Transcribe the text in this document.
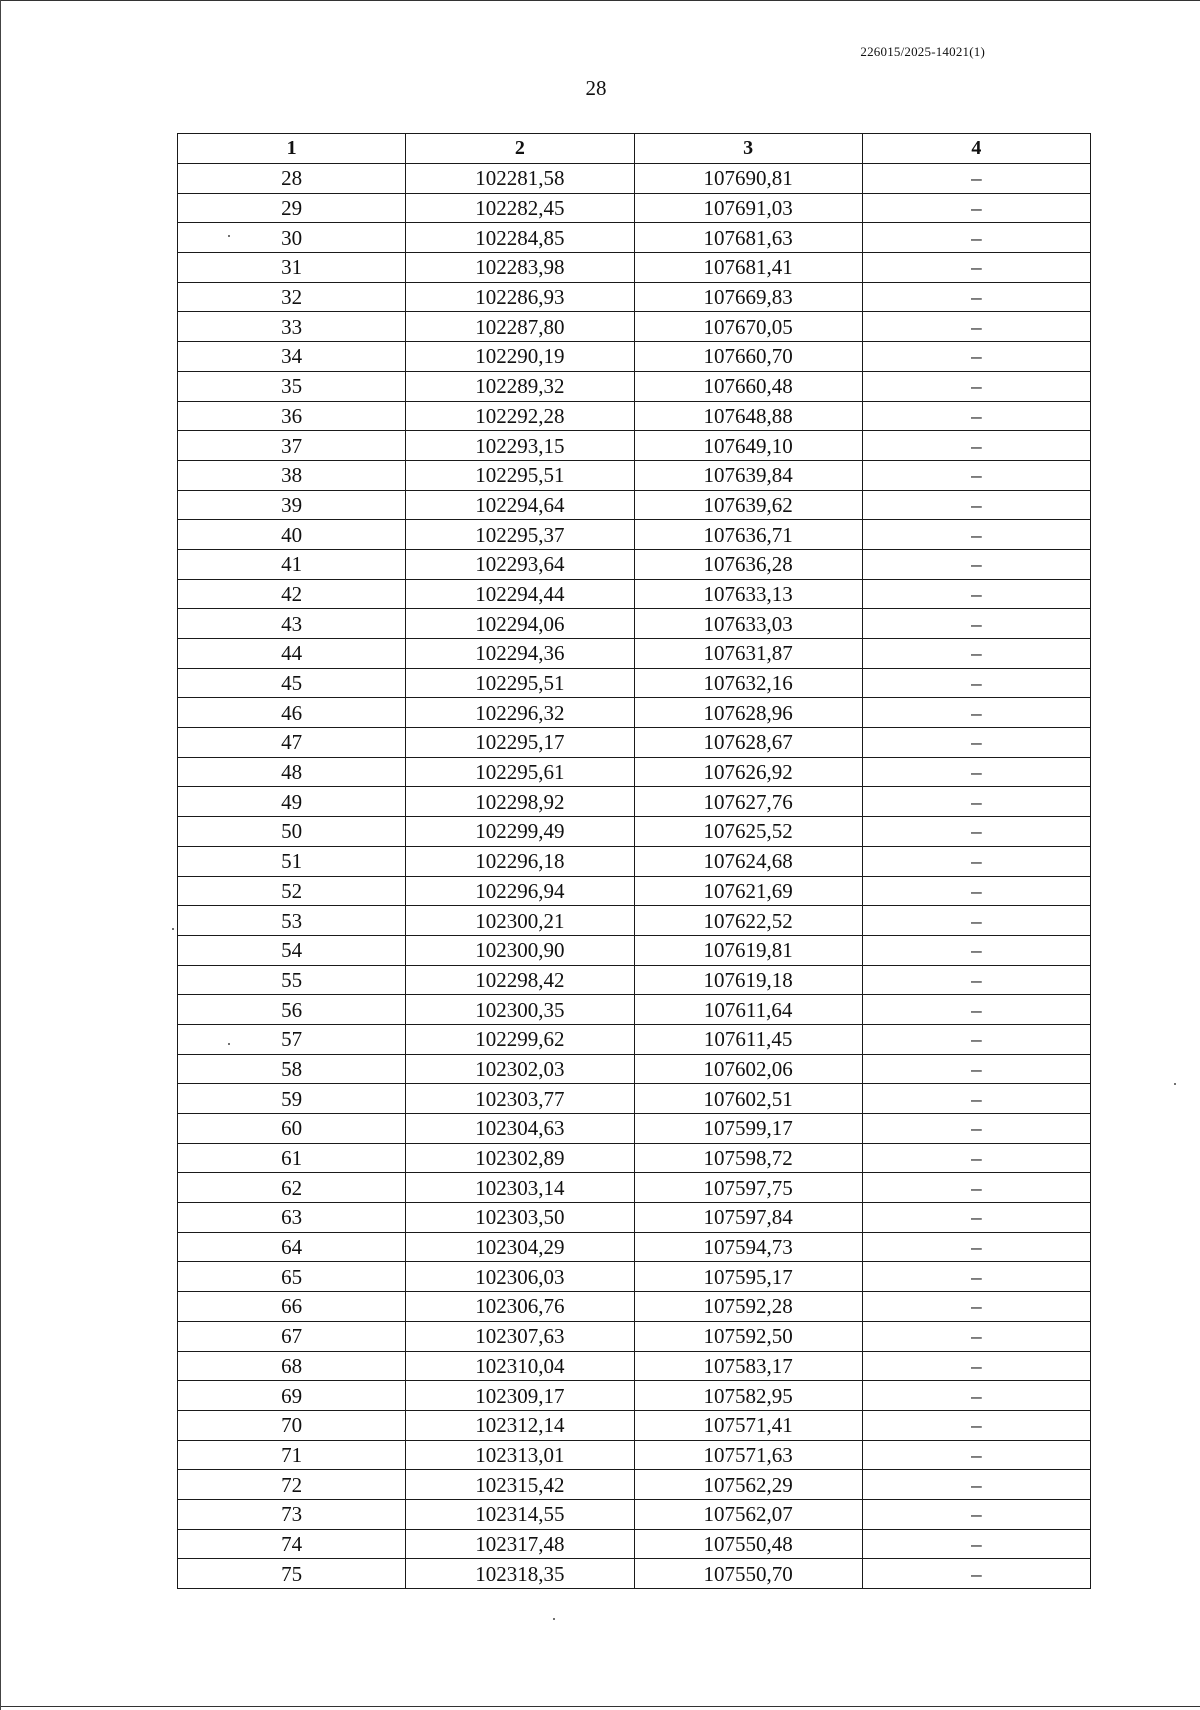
226015/2025-14021(1)
28
1	2	3	4
28	102281,58	107690,81	–
29	102282,45	107691,03	–
30	102284,85	107681,63	–
31	102283,98	107681,41	–
32	102286,93	107669,83	–
33	102287,80	107670,05	–
34	102290,19	107660,70	–
35	102289,32	107660,48	–
36	102292,28	107648,88	–
37	102293,15	107649,10	–
38	102295,51	107639,84	–
39	102294,64	107639,62	–
40	102295,37	107636,71	–
41	102293,64	107636,28	–
42	102294,44	107633,13	–
43	102294,06	107633,03	–
44	102294,36	107631,87	–
45	102295,51	107632,16	–
46	102296,32	107628,96	–
47	102295,17	107628,67	–
48	102295,61	107626,92	–
49	102298,92	107627,76	–
50	102299,49	107625,52	–
51	102296,18	107624,68	–
52	102296,94	107621,69	–
53	102300,21	107622,52	–
54	102300,90	107619,81	–
55	102298,42	107619,18	–
56	102300,35	107611,64	–
57	102299,62	107611,45	–
58	102302,03	107602,06	–
59	102303,77	107602,51	–
60	102304,63	107599,17	–
61	102302,89	107598,72	–
62	102303,14	107597,75	–
63	102303,50	107597,84	–
64	102304,29	107594,73	–
65	102306,03	107595,17	–
66	102306,76	107592,28	–
67	102307,63	107592,50	–
68	102310,04	107583,17	–
69	102309,17	107582,95	–
70	102312,14	107571,41	–
71	102313,01	107571,63	–
72	102315,42	107562,29	–
73	102314,55	107562,07	–
74	102317,48	107550,48	–
75	102318,35	107550,70	–
